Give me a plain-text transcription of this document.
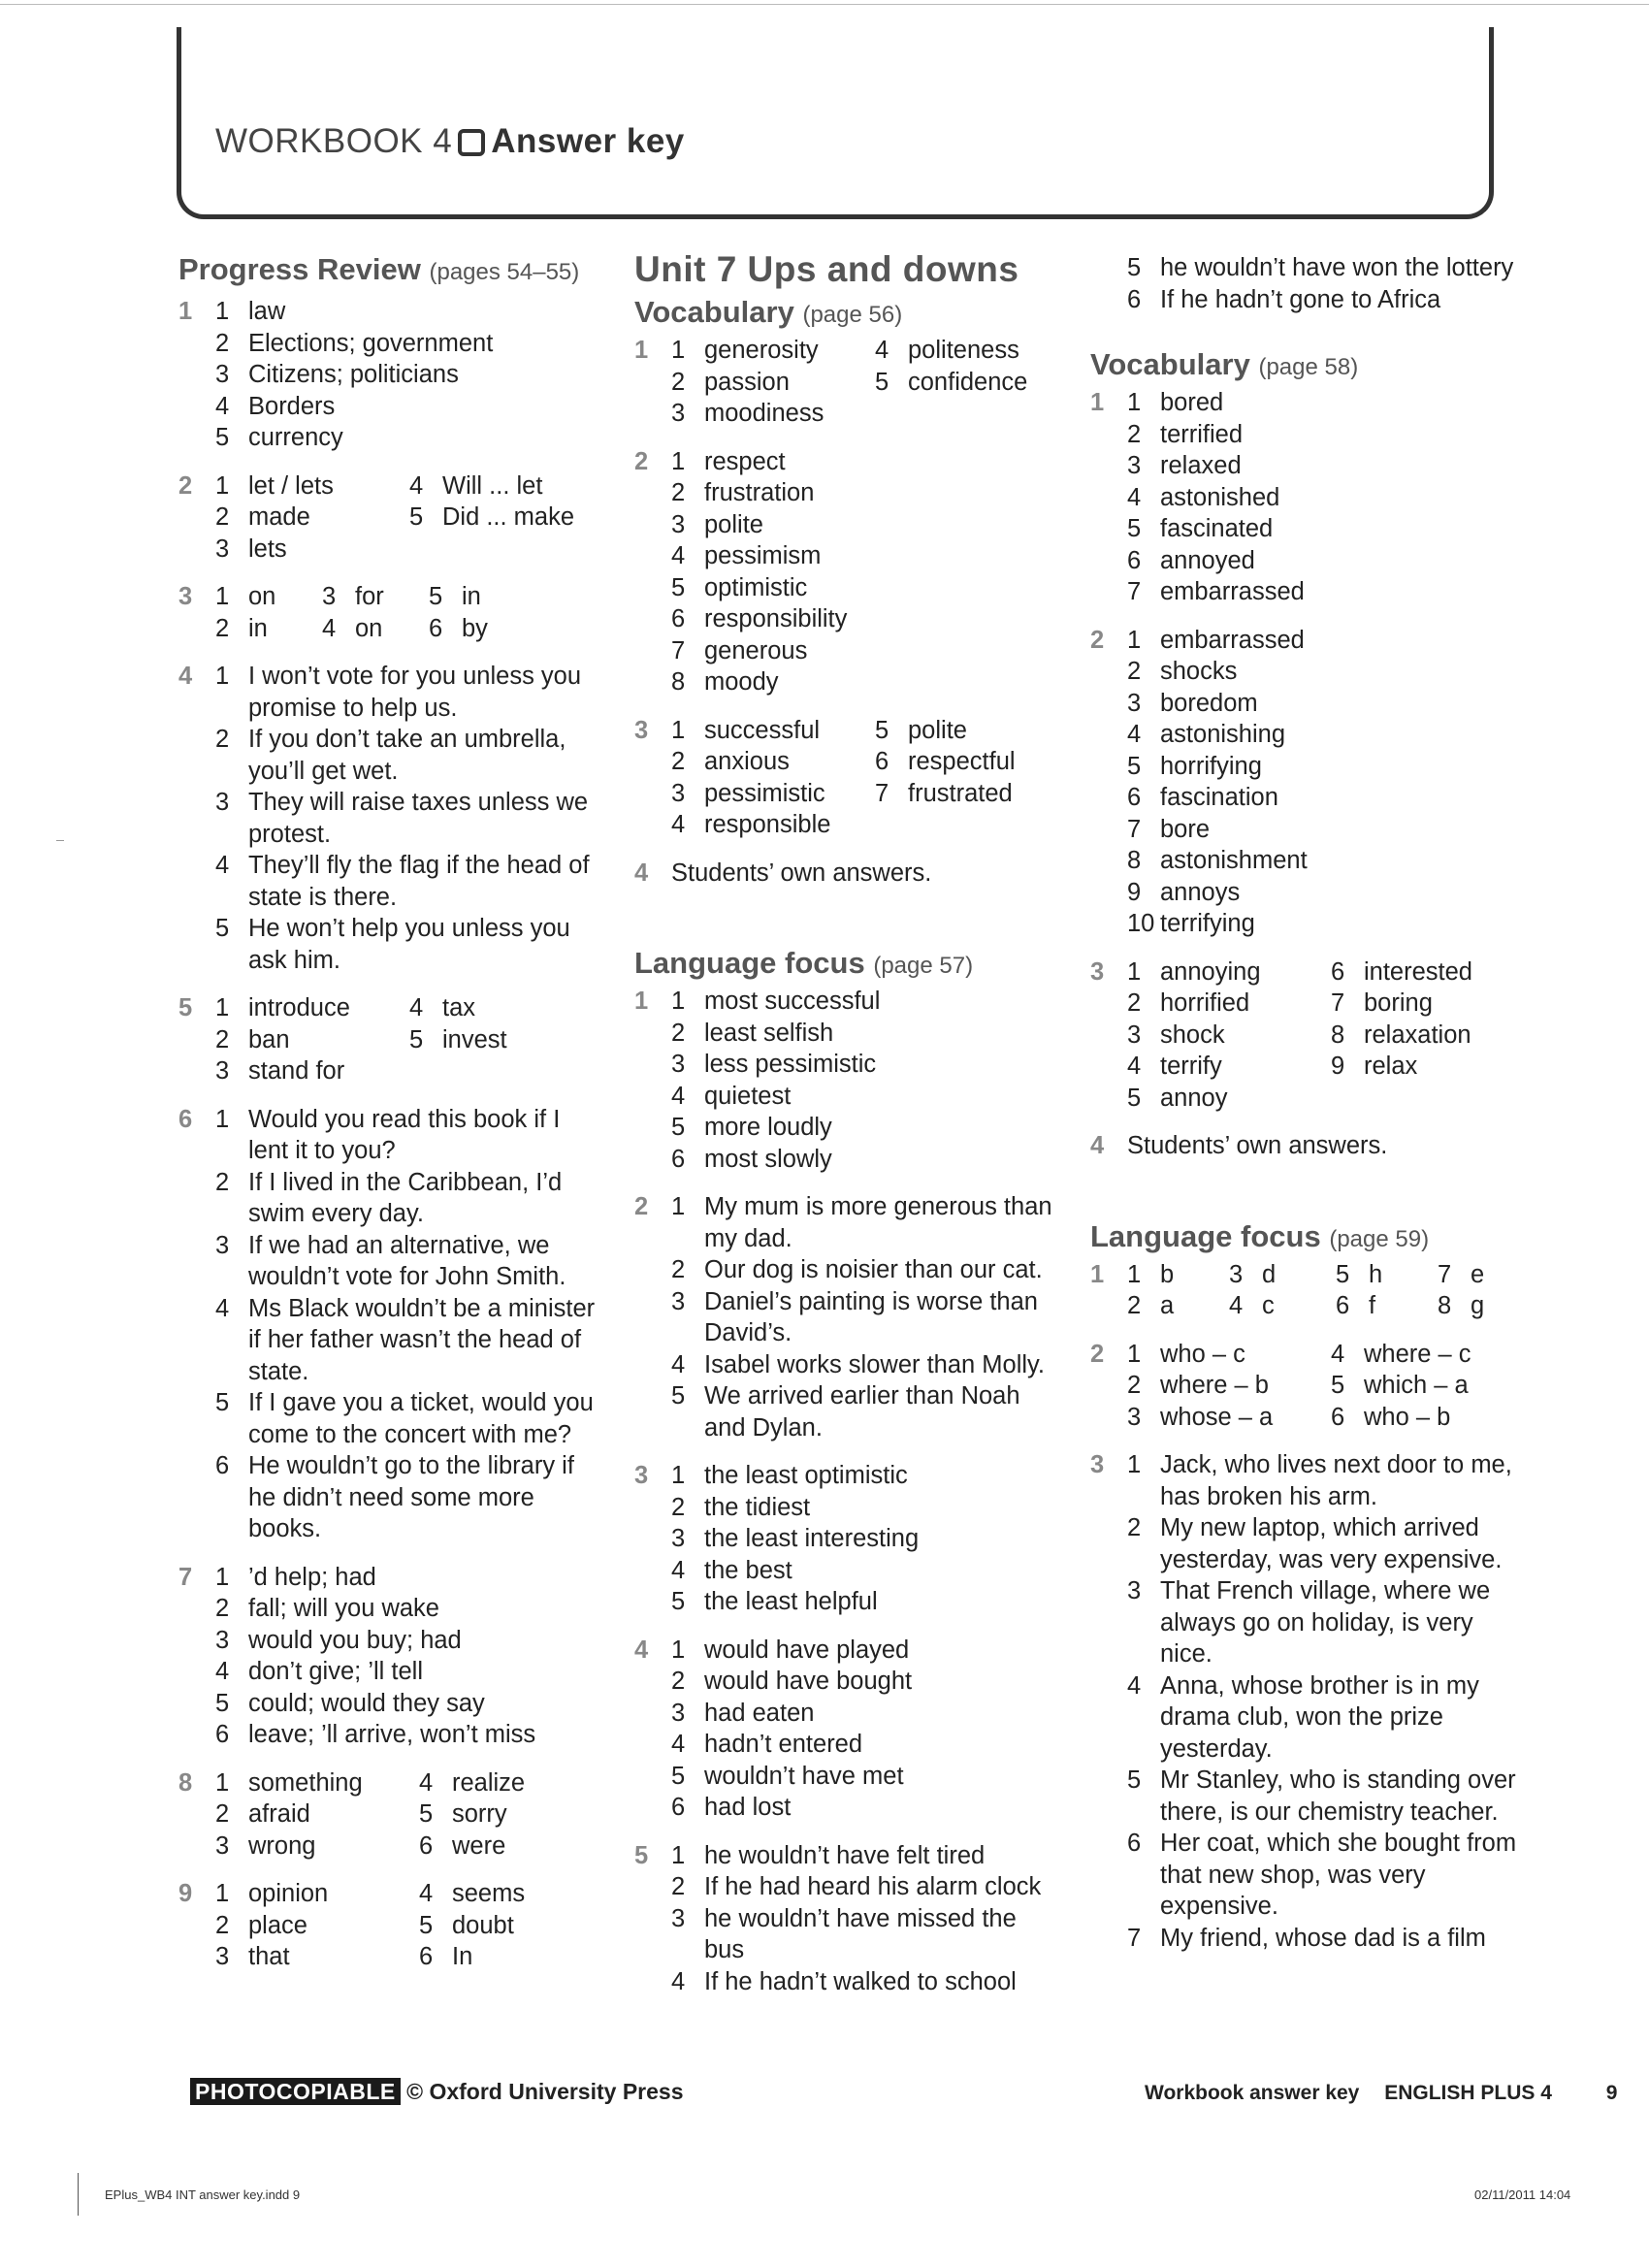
WORKBOOK 4 Answer key
Progress Review (pages 54–55)
1 1 law
2 Elections; government
3 Citizens; politicians
4 Borders
5 currency
2 1 let / lets
2 made
3 lets
4 Will ... let
5 Did ... make
3 1 on
2 in
3 for
4 on
5 in
6 by
4 1 I won’t vote for you unless you promise to help us.
2 If you don’t take an umbrella, you’ll get wet.
3 They will raise taxes unless we protest.
4 They’ll fly the flag if the head of state is there.
5 He won’t help you unless you ask him.
5 1 introduce
2 ban
3 stand for
4 tax
5 invest
6 1 Would you read this book if I lent it to you?
2 If I lived in the Caribbean, I’d swim every day.
3 If we had an alternative, we wouldn’t vote for John Smith.
4 Ms Black wouldn’t be a minister if her father wasn’t the head of state.
5 If I gave you a ticket, would you come to the concert with me?
6 He wouldn’t go to the library if he didn’t need some more books.
7 1 ’d help; had
2 fall; will you wake
3 would you buy; had
4 don’t give; ’ll tell
5 could; would they say
6 leave; ’ll arrive, won’t miss
8 1 something
2 afraid
3 wrong
4 realize
5 sorry
6 were
9 1 opinion
2 place
3 that
4 seems
5 doubt
6 In
Unit 7 Ups and downs
Vocabulary (page 56)
1 1 generosity
2 passion
3 moodiness
4 politeness
5 confidence
2 1 respect
2 frustration
3 polite
4 pessimism
5 optimistic
6 responsibility
7 generous
8 moody
3 1 successful
2 anxious
3 pessimistic
4 responsible
5 polite
6 respectful
7 frustrated
4 Students’ own answers.
Language focus (page 57)
1 1 most successful
2 least selfish
3 less pessimistic
4 quietest
5 more loudly
6 most slowly
2 1 My mum is more generous than my dad.
2 Our dog is noisier than our cat.
3 Daniel’s painting is worse than David’s.
4 Isabel works slower than Molly.
5 We arrived earlier than Noah and Dylan.
3 1 the least optimistic
2 the tidiest
3 the least interesting
4 the best
5 the least helpful
4 1 would have played
2 would have bought
3 had eaten
4 hadn’t entered
5 wouldn’t have met
6 had lost
5 1 he wouldn’t have felt tired
2 If he had heard his alarm clock
3 he wouldn’t have missed the bus
4 If he hadn’t walked to school
5 he wouldn’t have won the lottery
6 If he hadn’t gone to Africa
Vocabulary (page 58)
1 1 bored
2 terrified
3 relaxed
4 astonished
5 fascinated
6 annoyed
7 embarrassed
2 1 embarrassed
2 shocks
3 boredom
4 astonishing
5 horrifying
6 fascination
7 bore
8 astonishment
9 annoys
10 terrifying
3 1 annoying
2 horrified
3 shock
4 terrify
5 annoy
6 interested
7 boring
8 relaxation
9 relax
4 Students’ own answers.
Language focus (page 59)
1 1 b
2 a
3 d
4 c
5 h
6 f
7 e
8 g
2 1 who – c
2 where – b
3 whose – a
4 where – c
5 which – a
6 who – b
3 1 Jack, who lives next door to me, has broken his arm.
2 My new laptop, which arrived yesterday, was very expensive.
3 That French village, where we always go on holiday, is very nice.
4 Anna, whose brother is in my drama club, won the prize yesterday.
5 Mr Stanley, who is standing over there, is our chemistry teacher.
6 Her coat, which she bought from that new shop, was very expensive.
7 My friend, whose dad is a film
PHOTOCOPIABLE © Oxford University Press	Workbook answer key ENGLISH PLUS 4	9
EPlus_WB4 INT answer key.indd 9	02/11/2011 14:04
